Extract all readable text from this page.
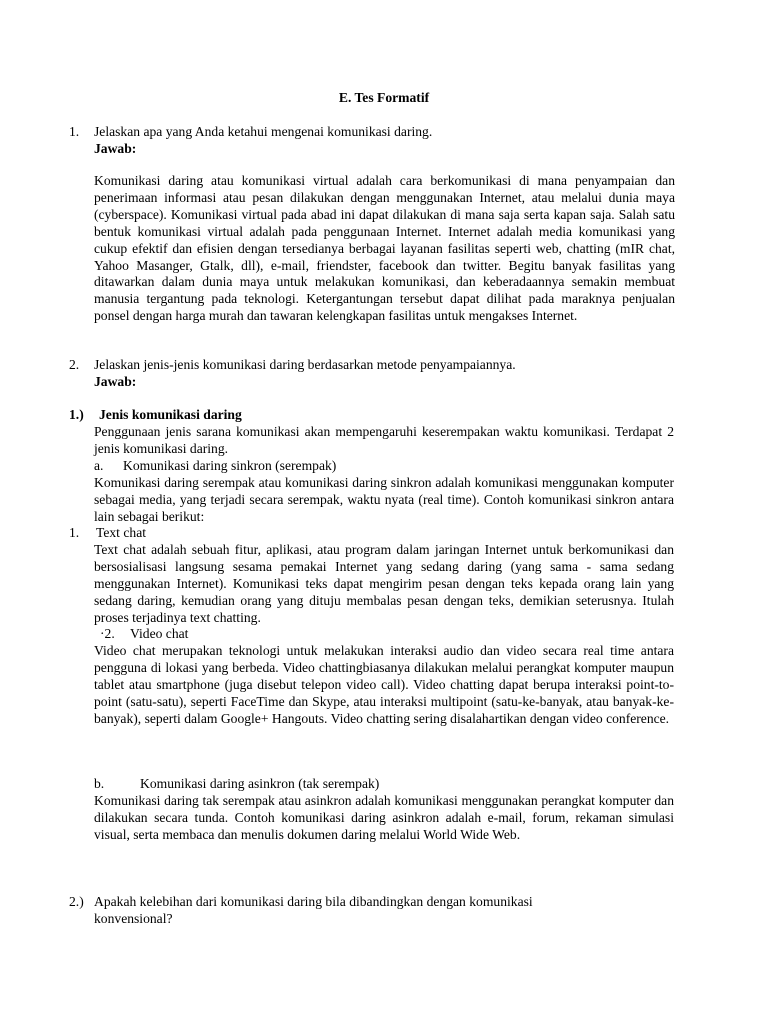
E. Tes Formatif
1. Jelaskan apa yang Anda ketahui mengenai komunikasi daring.
Jawab:
Komunikasi daring atau komunikasi virtual adalah cara berkomunikasi di mana penyampaian dan penerimaan informasi atau pesan dilakukan dengan menggunakan Internet, atau melalui dunia maya (cyberspace). Komunikasi virtual pada abad ini dapat dilakukan di mana saja serta kapan saja. Salah satu bentuk komunikasi virtual adalah pada penggunaan Internet. Internet adalah media komunikasi yang cukup efektif dan efisien dengan tersedianya berbagai layanan fasilitas seperti web, chatting (mIR chat, Yahoo Masanger, Gtalk, dll), e-mail, friendster, facebook dan twitter. Begitu banyak fasilitas yang ditawarkan dalam dunia maya untuk melakukan komunikasi, dan keberadaannya semakin membuat manusia tergantung pada teknologi. Ketergantungan tersebut dapat dilihat pada maraknya penjualan ponsel dengan harga murah dan tawaran kelengkapan fasilitas untuk mengakses Internet.
2. Jelaskan jenis-jenis komunikasi daring berdasarkan metode penyampaiannya.
Jawab:
1.) Jenis komunikasi daring
Penggunaan jenis sarana komunikasi akan mempengaruhi keserempakan waktu komunikasi. Terdapat 2 jenis komunikasi daring.
a. Komunikasi daring sinkron (serempak)
Komunikasi daring serempak atau komunikasi daring sinkron adalah komunikasi menggunakan komputer sebagai media, yang terjadi secara serempak, waktu nyata (real time). Contoh komunikasi sinkron antara lain sebagai berikut:
1. Text chat
Text chat adalah sebuah fitur, aplikasi, atau program dalam jaringan Internet untuk berkomunikasi dan bersosialisasi langsung sesama pemakai Internet yang sedang daring (yang sama - sama sedang menggunakan Internet). Komunikasi teks dapat mengirim pesan dengan teks kepada orang lain yang sedang daring, kemudian orang yang dituju membalas pesan dengan teks, demikian seterusnya. Itulah proses terjadinya text chatting.
·2. Video chat
Video chat merupakan teknologi untuk melakukan interaksi audio dan video secara real time antara pengguna di lokasi yang berbeda. Video chattingbiasanya dilakukan melalui perangkat komputer maupun tablet atau smartphone (juga disebut telepon video call). Video chatting dapat berupa interaksi point-to-point (satu-satu), seperti FaceTime dan Skype, atau interaksi multipoint (satu-ke-banyak, atau banyak-ke-banyak), seperti dalam Google+ Hangouts. Video chatting sering disalahartikan dengan video conference.
b.	Komunikasi daring asinkron (tak serempak)
Komunikasi daring tak serempak atau asinkron adalah komunikasi menggunakan perangkat komputer dan dilakukan secara tunda. Contoh komunikasi daring asinkron adalah e-mail, forum, rekaman simulasi visual, serta membaca dan menulis dokumen daring melalui World Wide Web.
2.) Apakah kelebihan dari komunikasi daring bila dibandingkan dengan komunikasi konvensional?
